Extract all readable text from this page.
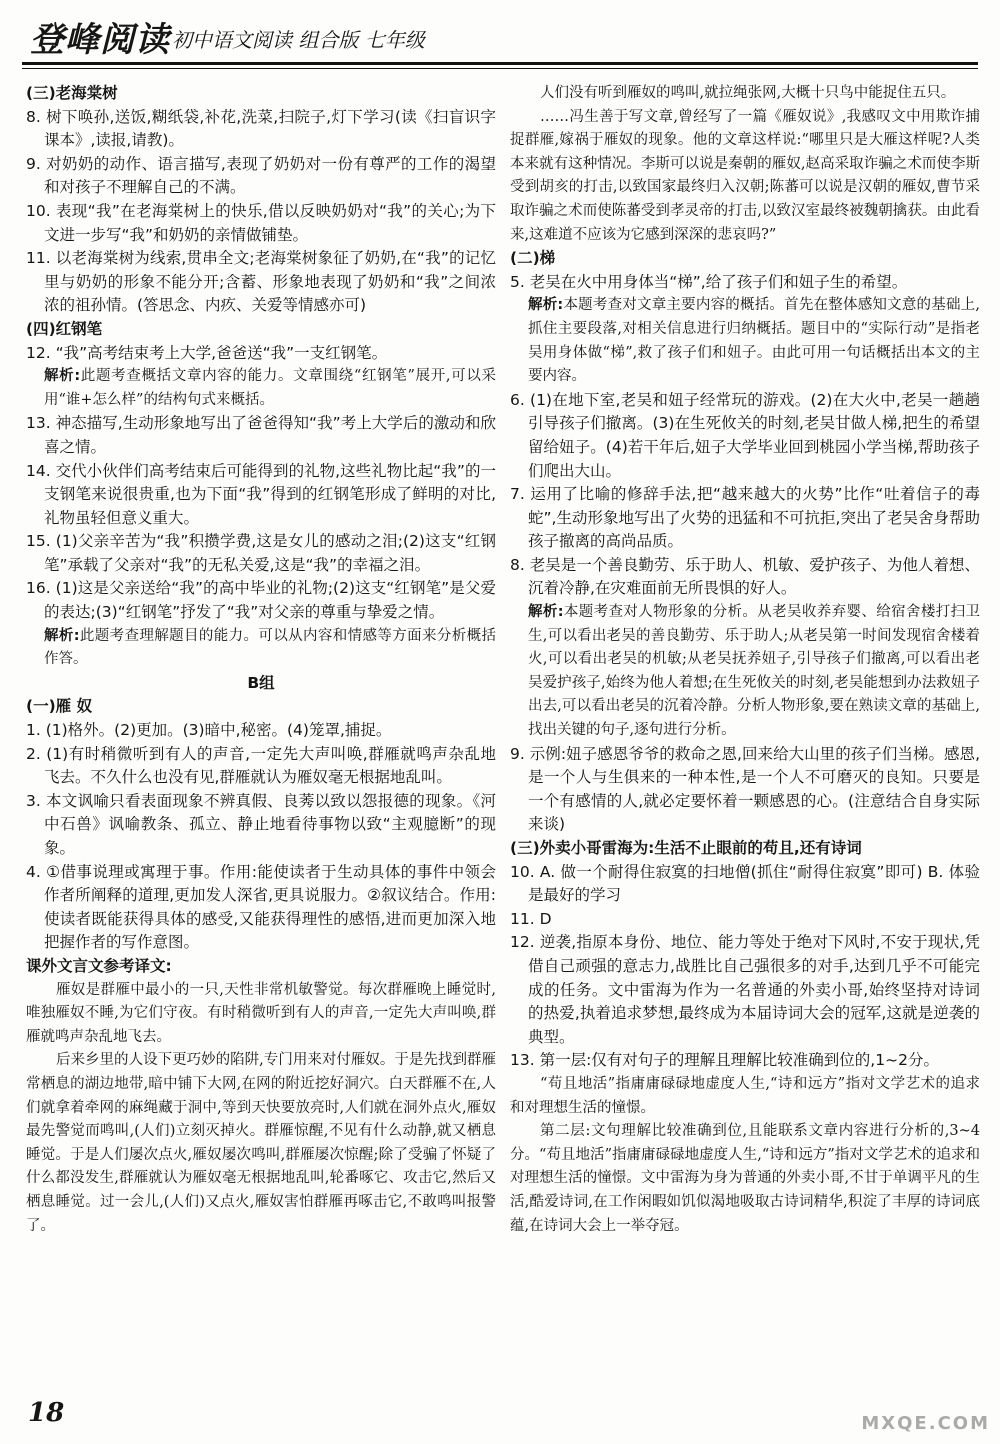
登峰阅读 初中语文阅读 组合版 七年级

(三)老海棠树

8. 树下唤孙,送饭,糊纸袋,补花,洗菜,扫院子,灯下学习(读《扫盲识字课本》,读报,请教)。

9. 对奶奶的动作、语言描写,表现了奶奶对一份有尊严的工作的渴望和对孩子不理解自己的不满。

10. 表现“我”在老海棠树上的快乐,借以反映奶奶对“我”的关心;为下文进一步写“我”和奶奶的亲情做铺垫。

11. 以老海棠树为线索,贯串全文;老海棠树象征了奶奶,在“我”的记忆里与奶奶的形象不能分开;含蓄、形象地表现了奶奶和“我”之间浓浓的祖孙情。(答思念、内疚、关爱等情感亦可)

(四)红钢笔

12. “我”高考结束考上大学,爸爸送“我”一支红钢笔。

解析:此题考查概括文章内容的能力。文章围绕“红钢笔”展开,可以采用“谁+怎么样”的结构句式来概括。

13. 神态描写,生动形象地写出了爸爸得知“我”考上大学后的激动和欣喜之情。

14. 交代小伙伴们高考结束后可能得到的礼物,这些礼物比起“我”的一支钢笔来说很贵重,也为下面“我”得到的红钢笔形成了鲜明的对比,礼物虽轻但意义重大。

15. (1)父亲辛苦为“我”积攒学费,这是女儿的感动之泪;(2)这支“红钢笔”承载了父亲对“我”的无私关爱,这是“我”的幸福之泪。

16. (1)这是父亲送给“我”的高中毕业的礼物;(2)这支“红钢笔”是父爱的表达;(3)“红钢笔”抒发了“我”对父亲的尊重与挚爱之情。

解析:此题考查理解题目的能力。可以从内容和情感等方面来分析概括作答。

B组

(一)雁 奴

1. (1)格外。(2)更加。(3)暗中,秘密。(4)笼罩,捕捉。

2. (1)有时稍微听到有人的声音,一定先大声叫唤,群雁就鸣声杂乱地飞去。不久什么也没有见,群雁就认为雁奴毫无根据地乱叫。

3. 本文讽喻只看表面现象不辨真假、良莠以致以怨报德的现象。《河中石兽》讽喻教条、孤立、静止地看待事物以致“主观臆断”的现象。

4. ①借事说理或寓理于事。作用:能使读者于生动具体的事件中领会作者所阐释的道理,更加发人深省,更具说服力。②叙议结合。作用:使读者既能获得具体的感受,又能获得理性的感悟,进而更加深入地把握作者的写作意图。

课外文言文参考译文:

雁奴是群雁中最小的一只,天性非常机敏警觉。每次群雁晚上睡觉时,唯独雁奴不睡,为它们守夜。有时稍微听到有人的声音,一定先大声叫唤,群雁就鸣声杂乱地飞去。

后来乡里的人设下更巧妙的陷阱,专门用来对付雁奴。于是先找到群雁常栖息的湖边地带,暗中铺下大网,在网的附近挖好洞穴。白天群雁不在,人们就拿着牵网的麻绳藏于洞中,等到天快要放亮时,人们就在洞外点火,雁奴最先警觉而鸣叫,(人们)立刻灭掉火。群雁惊醒,不见有什么动静,就又栖息睡觉。于是人们屡次点火,雁奴屡次鸣叫,群雁屡次惊醒;除了受骗了怀疑了什么都没发生,群雁就认为雁奴毫无根据地乱叫,轮番啄它、攻击它,然后又栖息睡觉。过一会儿,(人们)又点火,雁奴害怕群雁再啄击它,不敢鸣叫报警了。

人们没有听到雁奴的鸣叫,就拉绳张网,大概十只鸟中能捉住五只。

……冯生善于写文章,曾经写了一篇《雁奴说》,我感叹文中用欺诈捕捉群雁,嫁祸于雁奴的现象。他的文章这样说:“哪里只是大雁这样呢?人类本来就有这种情况。李斯可以说是秦朝的雁奴,赵高采取诈骗之术而使李斯受到胡亥的打击,以致国家最终归入汉朝;陈蕃可以说是汉朝的雁奴,曹节采取诈骗之术而使陈蕃受到孝灵帝的打击,以致汉室最终被魏朝擒获。由此看来,这难道不应该为它感到深深的悲哀吗?”

(二)梯

5. 老吴在火中用身体当“梯”,给了孩子们和妞子生的希望。

解析:本题考查对文章主要内容的概括。首先在整体感知文意的基础上,抓住主要段落,对相关信息进行归纳概括。题目中的“实际行动”是指老吴用身体做“梯”,救了孩子们和妞子。由此可用一句话概括出本文的主要内容。

6. (1)在地下室,老吴和妞子经常玩的游戏。(2)在大火中,老吴一趟趟引导孩子们撤离。(3)在生死攸关的时刻,老吴甘做人梯,把生的希望留给妞子。(4)若干年后,妞子大学毕业回到桃园小学当梯,帮助孩子们爬出大山。

7. 运用了比喻的修辞手法,把“越来越大的火势”比作“吐着信子的毒蛇”,生动形象地写出了火势的迅猛和不可抗拒,突出了老吴舍身帮助孩子撤离的高尚品质。

8. 老吴是一个善良勤劳、乐于助人、机敏、爱护孩子、为他人着想、沉着冷静,在灾难面前无所畏惧的好人。

解析:本题考查对人物形象的分析。从老吴收养弃婴、给宿舍楼打扫卫生,可以看出老吴的善良勤劳、乐于助人;从老吴第一时间发现宿舍楼着火,可以看出老吴的机敏;从老吴抚养妞子,引导孩子们撤离,可以看出老吴爱护孩子,始终为他人着想;在生死攸关的时刻,老吴能想到办法救妞子出去,可以看出老吴的沉着冷静。分析人物形象,要在熟读文章的基础上,找出关键的句子,逐句进行分析。

9. 示例:妞子感恩爷爷的救命之恩,回来给大山里的孩子们当梯。感恩,是一个人与生俱来的一种本性,是一个人不可磨灭的良知。只要是一个有感情的人,就必定要怀着一颗感恩的心。(注意结合自身实际来谈)

(三)外卖小哥雷海为:生活不止眼前的苟且,还有诗词

10. A. 做一个耐得住寂寞的扫地僧(抓住“耐得住寂寞”即可) B. 体验是最好的学习

11. D

12. 逆袭,指原本身份、地位、能力等处于绝对下风时,不安于现状,凭借自己顽强的意志力,战胜比自己强很多的对手,达到几乎不可能完成的任务。文中雷海为作为一名普通的外卖小哥,始终坚持对诗词的热爱,执着追求梦想,最终成为本届诗词大会的冠军,这就是逆袭的典型。

13. 第一层:仅有对句子的理解且理解比较准确到位的,1~2分。

“苟且地活”指庸庸碌碌地虚度人生,“诗和远方”指对文学艺术的追求和对理想生活的憧憬。

第二层:文句理解比较准确到位,且能联系文章内容进行分析的,3~4分。“苟且地活”指庸庸碌碌地虚度人生,“诗和远方”指对文学艺术的追求和对理想生活的憧憬。文中雷海为身为普通的外卖小哥,不甘于单调平凡的生活,酷爱诗词,在工作闲暇如饥似渴地吸取古诗词精华,积淀了丰厚的诗词底蕴,在诗词大会上一举夺冠。

18	MXQE.COM
